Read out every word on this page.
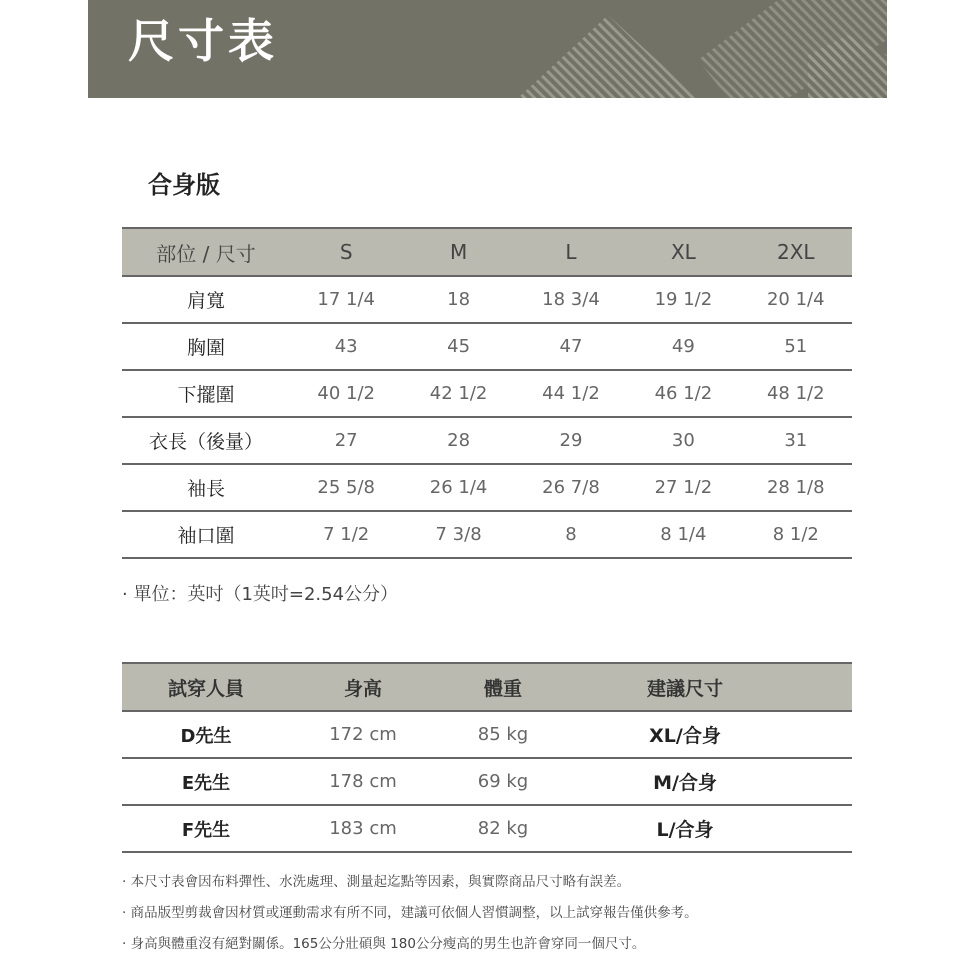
尺寸表
合身版
部位 / 尺寸	S	M	L	XL	2XL
肩寬	17 1/4	18	18 3/4	19 1/2	20 1/4
胸圍	43	45	47	49	51
下擺圍	40 1/2	42 1/2	44 1/2	46 1/2	48 1/2
衣長（後量）	27	28	29	30	31
袖長	25 5/8	26 1/4	26 7/8	27 1/2	28 1/8
袖口圍	7 1/2	7 3/8	8	8 1/4	8 1/2
· 單位：英吋（1英吋=2.54公分）
試穿人員	身高	體重	建議尺寸	
D先生	172 cm	85 kg	XL/合身	
E先生	178 cm	69 kg	M/合身	
F先生	183 cm	82 kg	L/合身	
· 本尺寸表會因布料彈性、水洗處理、測量起迄點等因素，與實際商品尺寸略有誤差。
· 商品版型剪裁會因材質或運動需求有所不同，建議可依個人習慣調整，以上試穿報告僅供參考。
· 身高與體重沒有絕對關係。165公分壯碩與 180公分瘦高的男生也許會穿同一個尺寸。
